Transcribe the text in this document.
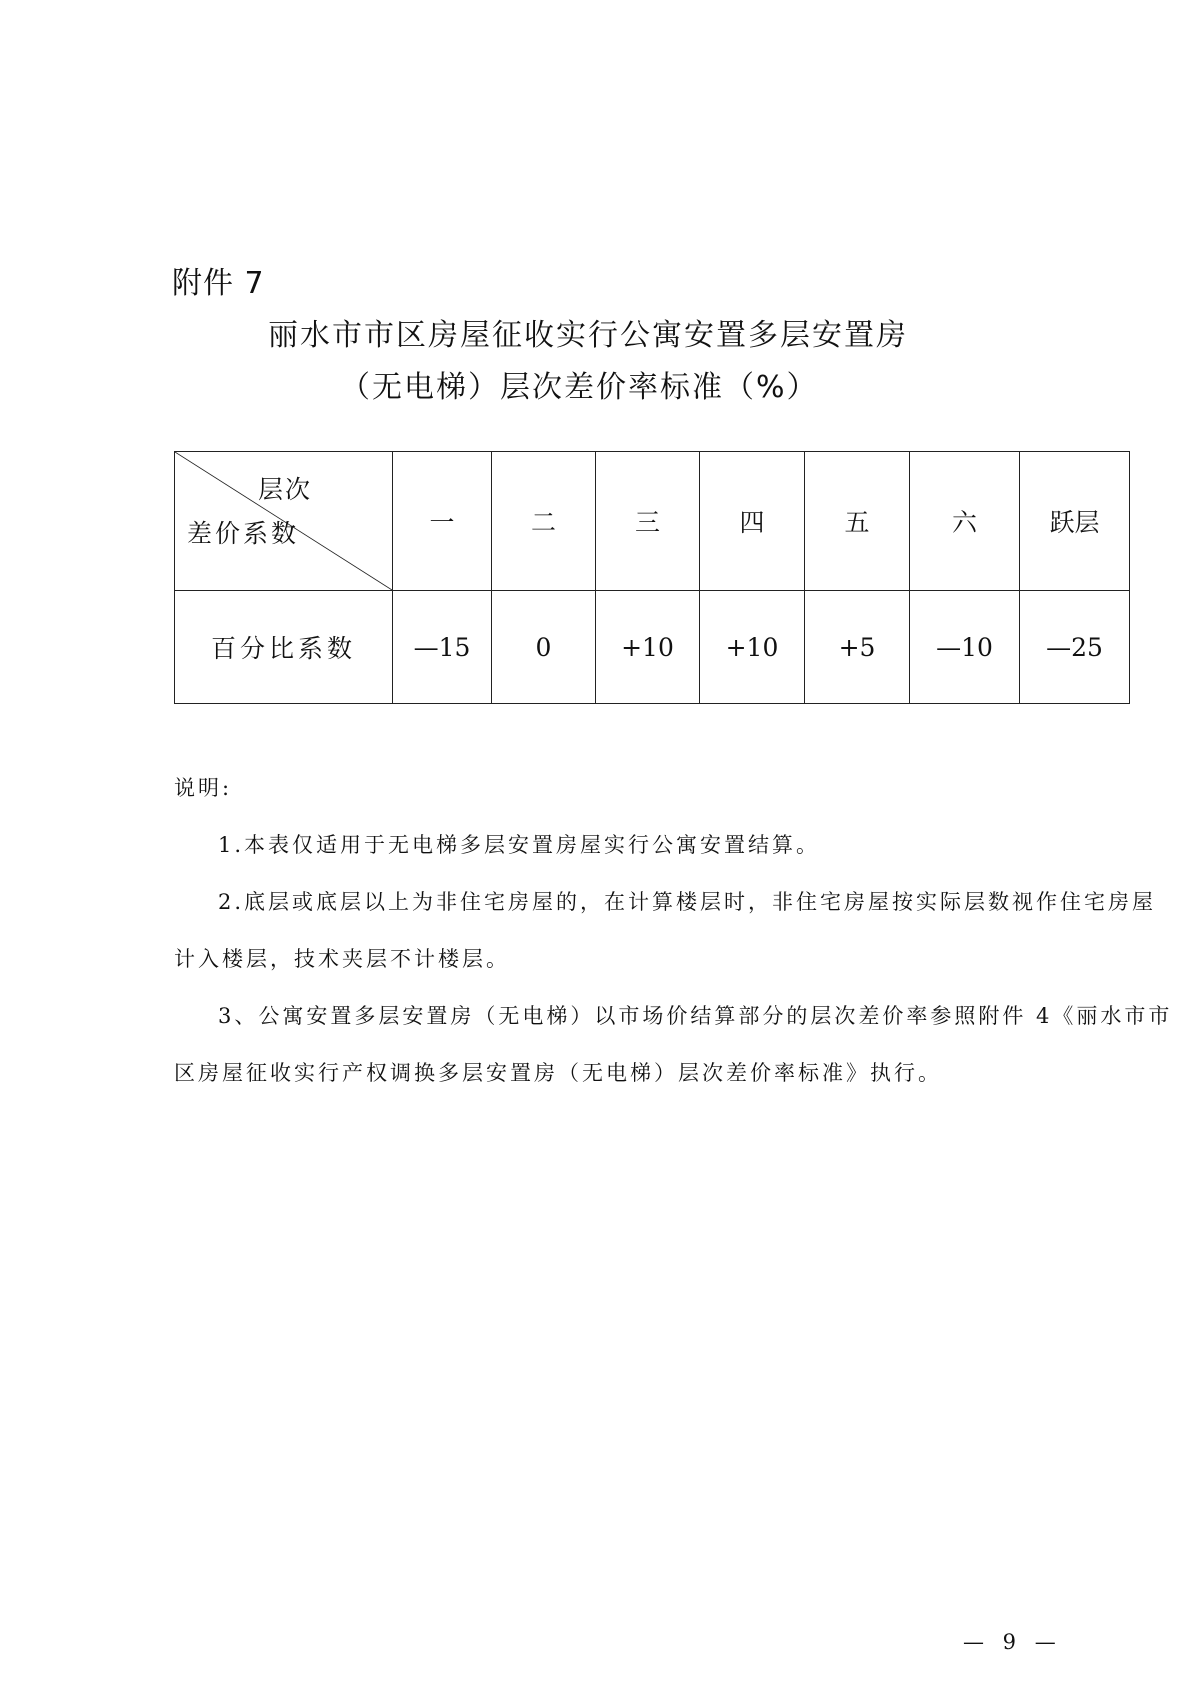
附件 7
丽水市市区房屋征收实行公寓安置多层安置房
（无电梯）层次差价率标准（%）
层次
差价系数	一	二	三	四	五	六	跃层
百分比系数	—15	0	+10	+10	+5	—10	—25

说明:

1.本表仅适用于无电梯多层安置房屋实行公寓安置结算。

2.底层或底层以上为非住宅房屋的，在计算楼层时，非住宅房屋按实际层数视作住宅房屋计入楼层，技术夹层不计楼层。

3、公寓安置多层安置房（无电梯）以市场价结算部分的层次差价率参照附件 4《丽水市市区房屋征收实行产权调换多层安置房（无电梯）层次差价率标准》执行。

— 9 —
